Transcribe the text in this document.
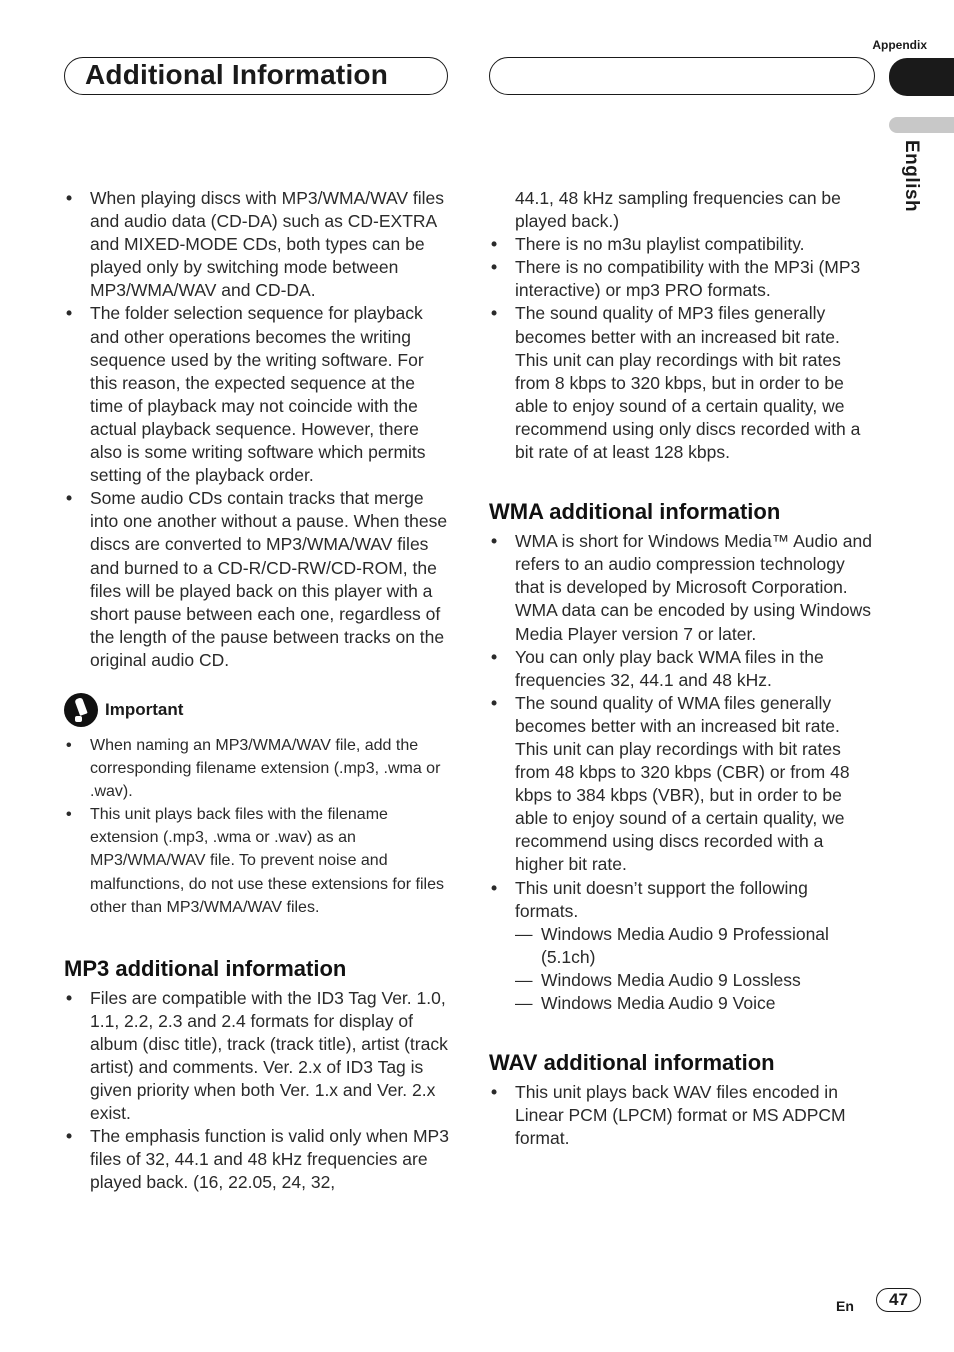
Appendix
Additional Information
English
• When playing discs with MP3/WMA/WAV files and audio data (CD-DA) such as CD-EXTRA and MIXED-MODE CDs, both types can be played only by switching mode between MP3/WMA/WAV and CD-DA.
• The folder selection sequence for playback and other operations becomes the writing sequence used by the writing software. For this reason, the expected sequence at the time of playback may not coincide with the actual playback sequence. However, there also is some writing software which permits setting of the playback order.
• Some audio CDs contain tracks that merge into one another without a pause. When these discs are converted to MP3/WMA/WAV files and burned to a CD-R/CD-RW/CD-ROM, the files will be played back on this player with a short pause between each one, regardless of the length of the pause between tracks on the original audio CD.
Important
• When naming an MP3/WMA/WAV file, add the corresponding filename extension (.mp3, .wma or .wav).
• This unit plays back files with the filename extension (.mp3, .wma or .wav) as an MP3/WMA/WAV file. To prevent noise and malfunctions, do not use these extensions for files other than MP3/WMA/WAV files.
MP3 additional information
• Files are compatible with the ID3 Tag Ver. 1.0, 1.1, 2.2, 2.3 and 2.4 formats for display of album (disc title), track (track title), artist (track artist) and comments. Ver. 2.x of ID3 Tag is given priority when both Ver. 1.x and Ver. 2.x exist.
• The emphasis function is valid only when MP3 files of 32, 44.1 and 48 kHz frequencies are played back. (16, 22.05, 24, 32,
44.1, 48 kHz sampling frequencies can be played back.)
• There is no m3u playlist compatibility.
• There is no compatibility with the MP3i (MP3 interactive) or mp3 PRO formats.
• The sound quality of MP3 files generally becomes better with an increased bit rate. This unit can play recordings with bit rates from 8 kbps to 320 kbps, but in order to be able to enjoy sound of a certain quality, we recommend using only discs recorded with a bit rate of at least 128 kbps.
WMA additional information
• WMA is short for Windows Media™ Audio and refers to an audio compression technology that is developed by Microsoft Corporation. WMA data can be encoded by using Windows Media Player version 7 or later.
• You can only play back WMA files in the frequencies 32, 44.1 and 48 kHz.
• The sound quality of WMA files generally becomes better with an increased bit rate. This unit can play recordings with bit rates from 48 kbps to 320 kbps (CBR) or from 48 kbps to 384 kbps (VBR), but in order to be able to enjoy sound of a certain quality, we recommend using discs recorded with a higher bit rate.
• This unit doesn’t support the following formats.
— Windows Media Audio 9 Professional (5.1ch)
— Windows Media Audio 9 Lossless
— Windows Media Audio 9 Voice
WAV additional information
• This unit plays back WAV files encoded in Linear PCM (LPCM) format or MS ADPCM format.
En	47
